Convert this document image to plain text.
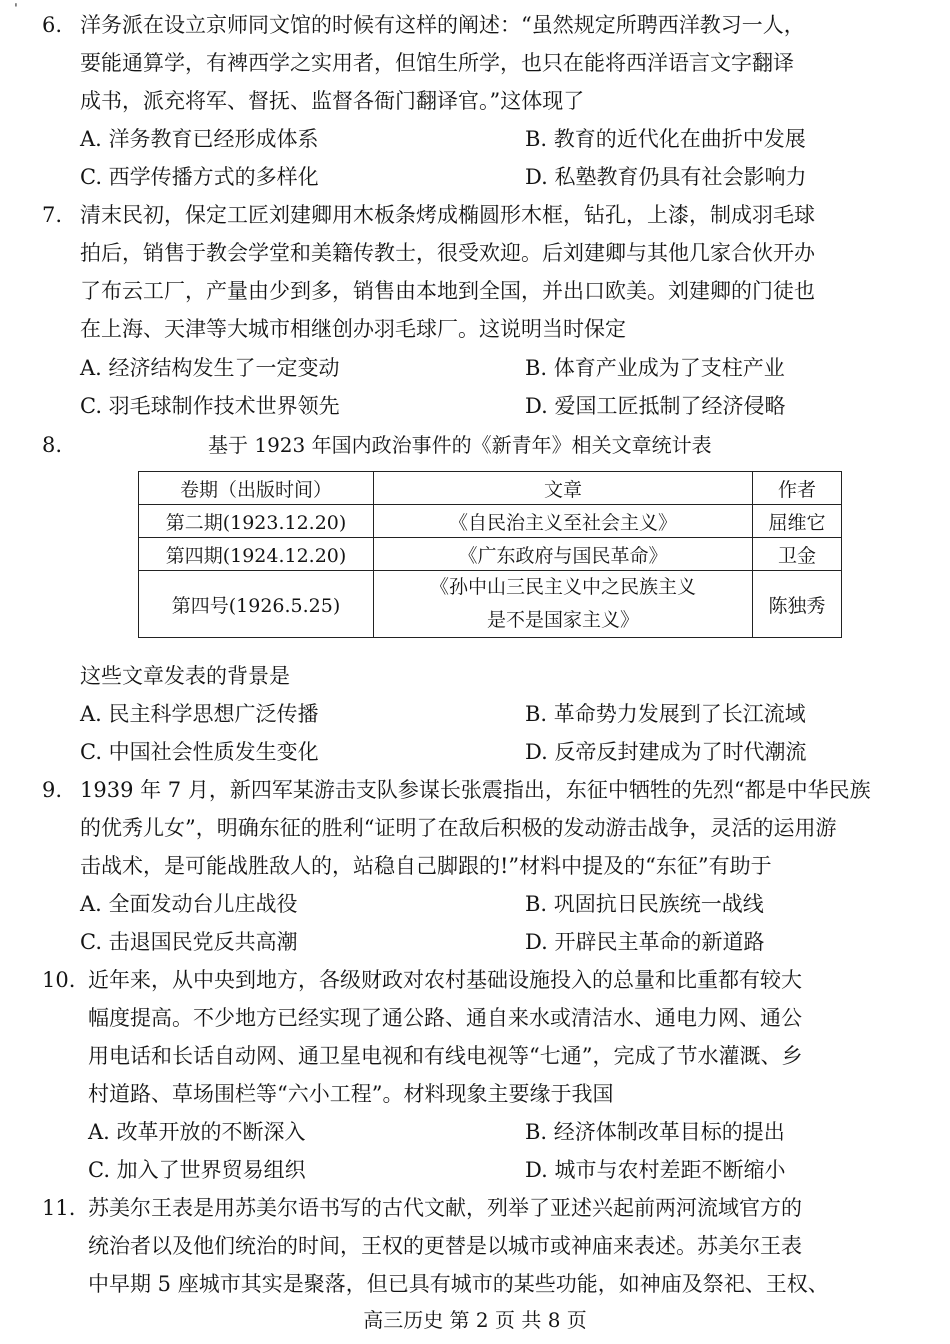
ˈ
6. 洋务派在设立京师同文馆的时候有这样的阐述：“虽然规定所聘西洋教习一人，
要能通算学，有裨西学之实用者，但馆生所学，也只在能将西洋语言文字翻译
成书，派充将军、督抚、监督各衙门翻译官。”这体现了
A. 洋务教育已经形成体系	B. 教育的近代化在曲折中发展
C. 西学传播方式的多样化	D. 私塾教育仍具有社会影响力
7. 清末民初，保定工匠刘建卿用木板条烤成椭圆形木框，钻孔，上漆，制成羽毛球
拍后，销售于教会学堂和美籍传教士，很受欢迎。后刘建卿与其他几家合伙开办
了布云工厂，产量由少到多，销售由本地到全国，并出口欧美。刘建卿的门徒也
在上海、天津等大城市相继创办羽毛球厂。这说明当时保定
A. 经济结构发生了一定变动	B. 体育产业成为了支柱产业
C. 羽毛球制作技术世界领先	D. 爱国工匠抵制了经济侵略
8.	基于 1923 年国内政治事件的《新青年》相关文章统计表
卷期（出版时间）	文章	作者
第二期(1923.12.20)	《自民治主义至社会主义》	屈维它
第四期(1924.12.20)	《广东政府与国民革命》	卫金
第四号(1926.5.25)	《孙中山三民主义中之民族主义
是不是国家主义》	陈独秀
这些文章发表的背景是
A. 民主科学思想广泛传播	B. 革命势力发展到了长江流域
C. 中国社会性质发生变化	D. 反帝反封建成为了时代潮流
9. 1939 年 7 月，新四军某游击支队参谋长张震指出，东征中牺牲的先烈“都是中华民族
的优秀儿女”，明确东征的胜利“证明了在敌后积极的发动游击战争，灵活的运用游
击战术，是可能战胜敌人的，站稳自己脚跟的!”材料中提及的“东征”有助于
A. 全面发动台儿庄战役	B. 巩固抗日民族统一战线
C. 击退国民党反共高潮	D. 开辟民主革命的新道路
10. 近年来，从中央到地方，各级财政对农村基础设施投入的总量和比重都有较大
幅度提高。不少地方已经实现了通公路、通自来水或清洁水、通电力网、通公
用电话和长话自动网、通卫星电视和有线电视等“七通”，完成了节水灌溉、乡
村道路、草场围栏等“六小工程”。材料现象主要缘于我国
A. 改革开放的不断深入	B. 经济体制改革目标的提出
C. 加入了世界贸易组织	D. 城市与农村差距不断缩小
11. 苏美尔王表是用苏美尔语书写的古代文献，列举了亚述兴起前两河流域官方的
统治者以及他们统治的时间，王权的更替是以城市或神庙来表述。苏美尔王表
中早期 5 座城市其实是聚落，但已具有城市的某些功能，如神庙及祭祀、王权、
高三历史 第 2 页 共 8 页
